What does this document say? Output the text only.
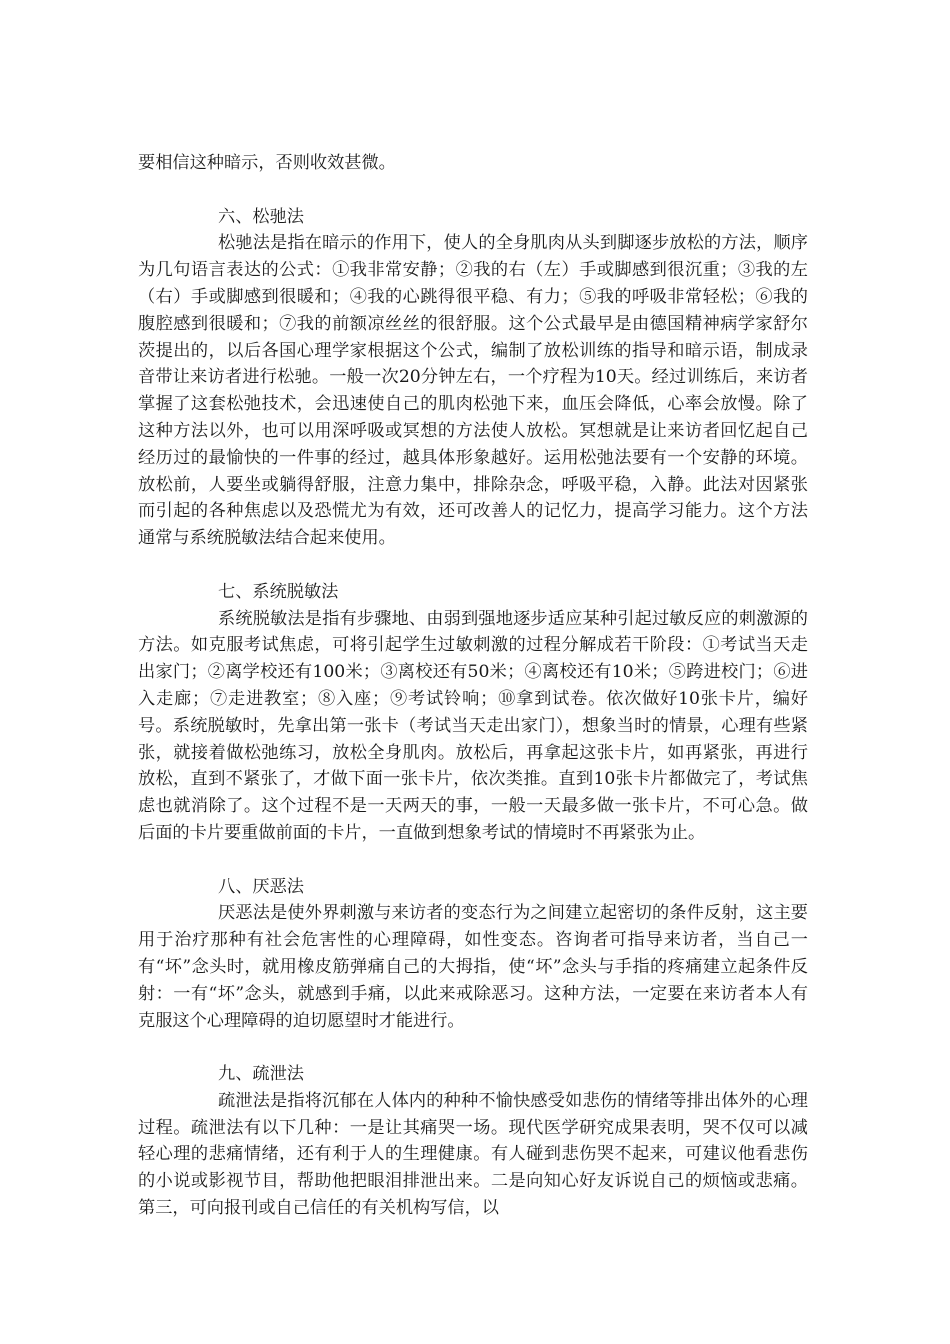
要相信这种暗示，否则收效甚微。

六、松驰法

松驰法是指在暗示的作用下，使人的全身肌肉从头到脚逐步放松的方法，顺序为几句语言表达的公式：①我非常安静；②我的右（左）手或脚感到很沉重；③我的左（右）手或脚感到很暖和；④我的心跳得很平稳、有力；⑤我的呼吸非常轻松；⑥我的腹腔感到很暖和；⑦我的前额凉丝丝的很舒服。这个公式最早是由德国精神病学家舒尔茨提出的，以后各国心理学家根据这个公式，编制了放松训练的指导和暗示语，制成录音带让来访者进行松驰。一般一次20分钟左右，一个疗程为10天。经过训练后，来访者掌握了这套松弛技术，会迅速使自己的肌肉松弛下来，血压会降低，心率会放慢。除了这种方法以外，也可以用深呼吸或冥想的方法使人放松。冥想就是让来访者回忆起自己经历过的最愉快的一件事的经过，越具体形象越好。运用松弛法要有一个安静的环境。放松前，人要坐或躺得舒服，注意力集中，排除杂念，呼吸平稳，入静。此法对因紧张而引起的各种焦虑以及恐慌尤为有效，还可改善人的记忆力，提高学习能力。这个方法通常与系统脱敏法结合起来使用。

七、系统脱敏法

系统脱敏法是指有步骤地、由弱到强地逐步适应某种引起过敏反应的刺激源的方法。如克服考试焦虑，可将引起学生过敏刺激的过程分解成若干阶段：①考试当天走出家门；②离学校还有100米；③离校还有50米；④离校还有10米；⑤跨进校门；⑥进入走廊；⑦走进教室；⑧入座；⑨考试铃响；⑩拿到试卷。依次做好10张卡片，编好号。系统脱敏时，先拿出第一张卡（考试当天走出家门），想象当时的情景，心理有些紧张，就接着做松弛练习，放松全身肌肉。放松后，再拿起这张卡片，如再紧张，再进行放松，直到不紧张了，才做下面一张卡片，依次类推。直到10张卡片都做完了，考试焦虑也就消除了。这个过程不是一天两天的事，一般一天最多做一张卡片，不可心急。做后面的卡片要重做前面的卡片，一直做到想象考试的情境时不再紧张为止。

八、厌恶法

厌恶法是使外界刺激与来访者的变态行为之间建立起密切的条件反射，这主要用于治疗那种有社会危害性的心理障碍，如性变态。咨询者可指导来访者，当自己一有“坏”念头时，就用橡皮筋弹痛自己的大拇指，使“坏”念头与手指的疼痛建立起条件反射：一有“坏”念头，就感到手痛，以此来戒除恶习。这种方法，一定要在来访者本人有克服这个心理障碍的迫切愿望时才能进行。

九、疏泄法

疏泄法是指将沉郁在人体内的种种不愉快感受如悲伤的情绪等排出体外的心理过程。疏泄法有以下几种：一是让其痛哭一场。现代医学研究成果表明，哭不仅可以减轻心理的悲痛情绪，还有利于人的生理健康。有人碰到悲伤哭不起来，可建议他看悲伤的小说或影视节目，帮助他把眼泪排泄出来。二是向知心好友诉说自己的烦恼或悲痛。第三，可向报刊或自己信任的有关机构写信，以
